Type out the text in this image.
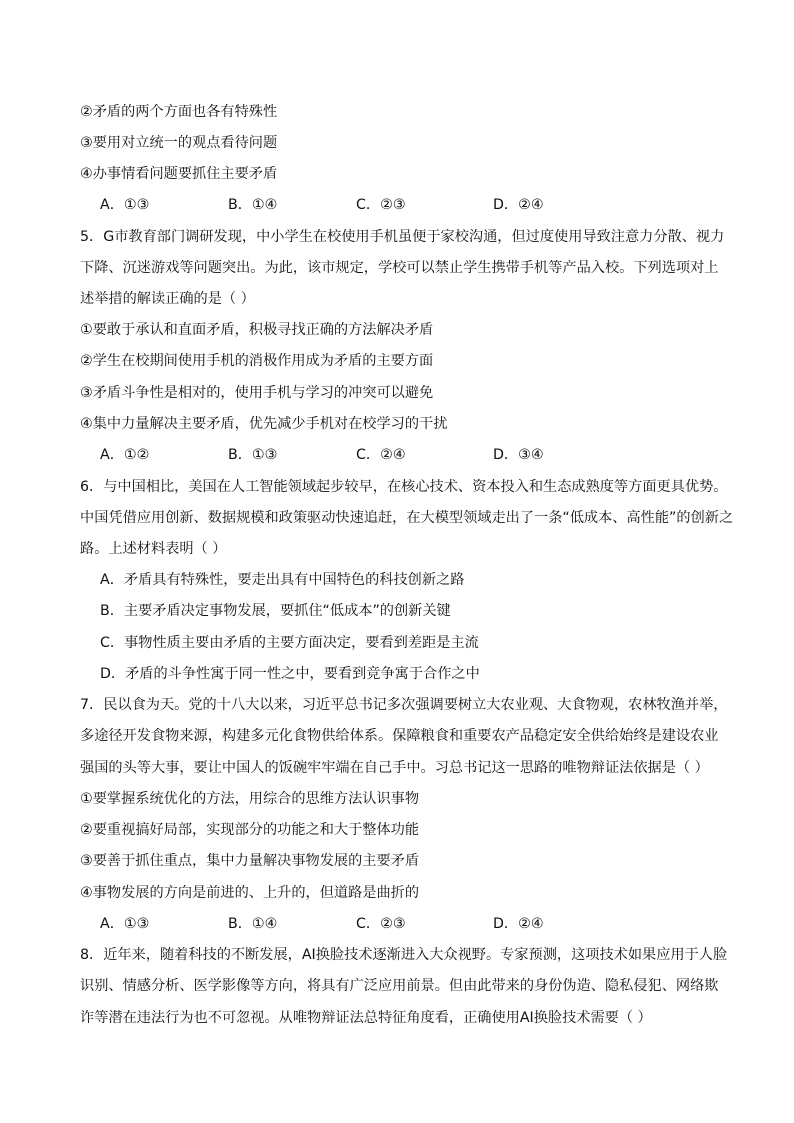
②矛盾的两个方面也各有特殊性
③要用对立统一的观点看待问题
④办事情看问题要抓住主要矛盾
A．①③	B．①④	C．②③	D．②④
5．G市教育部门调研发现，中小学生在校使用手机虽便于家校沟通，但过度使用导致注意力分散、视力
下降、沉迷游戏等问题突出。为此，该市规定，学校可以禁止学生携带手机等产品入校。下列选项对上
述举措的解读正确的是（ ）
①要敢于承认和直面矛盾，积极寻找正确的方法解决矛盾
②学生在校期间使用手机的消极作用成为矛盾的主要方面
③矛盾斗争性是相对的，使用手机与学习的冲突可以避免
④集中力量解决主要矛盾，优先减少手机对在校学习的干扰
A．①②	B．①③	C．②④	D．③④
6．与中国相比，美国在人工智能领域起步较早，在核心技术、资本投入和生态成熟度等方面更具优势。
中国凭借应用创新、数据规模和政策驱动快速追赶，在大模型领域走出了一条“低成本、高性能”的创新之
路。上述材料表明（ ）
A．矛盾具有特殊性，要走出具有中国特色的科技创新之路
B．主要矛盾决定事物发展，要抓住“低成本”的创新关键
C．事物性质主要由矛盾的主要方面决定，要看到差距是主流
D．矛盾的斗争性寓于同一性之中，要看到竞争寓于合作之中
7．民以食为天。党的十八大以来，习近平总书记多次强调要树立大农业观、大食物观，农林牧渔并举，
多途径开发食物来源，构建多元化食物供给体系。保障粮食和重要农产品稳定安全供给始终是建设农业
强国的头等大事，要让中国人的饭碗牢牢端在自己手中。习总书记这一思路的唯物辩证法依据是（ ）
①要掌握系统优化的方法，用综合的思维方法认识事物
②要重视搞好局部，实现部分的功能之和大于整体功能
③要善于抓住重点，集中力量解决事物发展的主要矛盾
④事物发展的方向是前进的、上升的，但道路是曲折的
A．①③	B．①④	C．②③	D．②④
8．近年来，随着科技的不断发展，AI换脸技术逐渐进入大众视野。专家预测，这项技术如果应用于人脸
识别、情感分析、医学影像等方向，将具有广泛应用前景。但由此带来的身份伪造、隐私侵犯、网络欺
诈等潜在违法行为也不可忽视。从唯物辩证法总特征角度看，正确使用AI换脸技术需要（ ）
